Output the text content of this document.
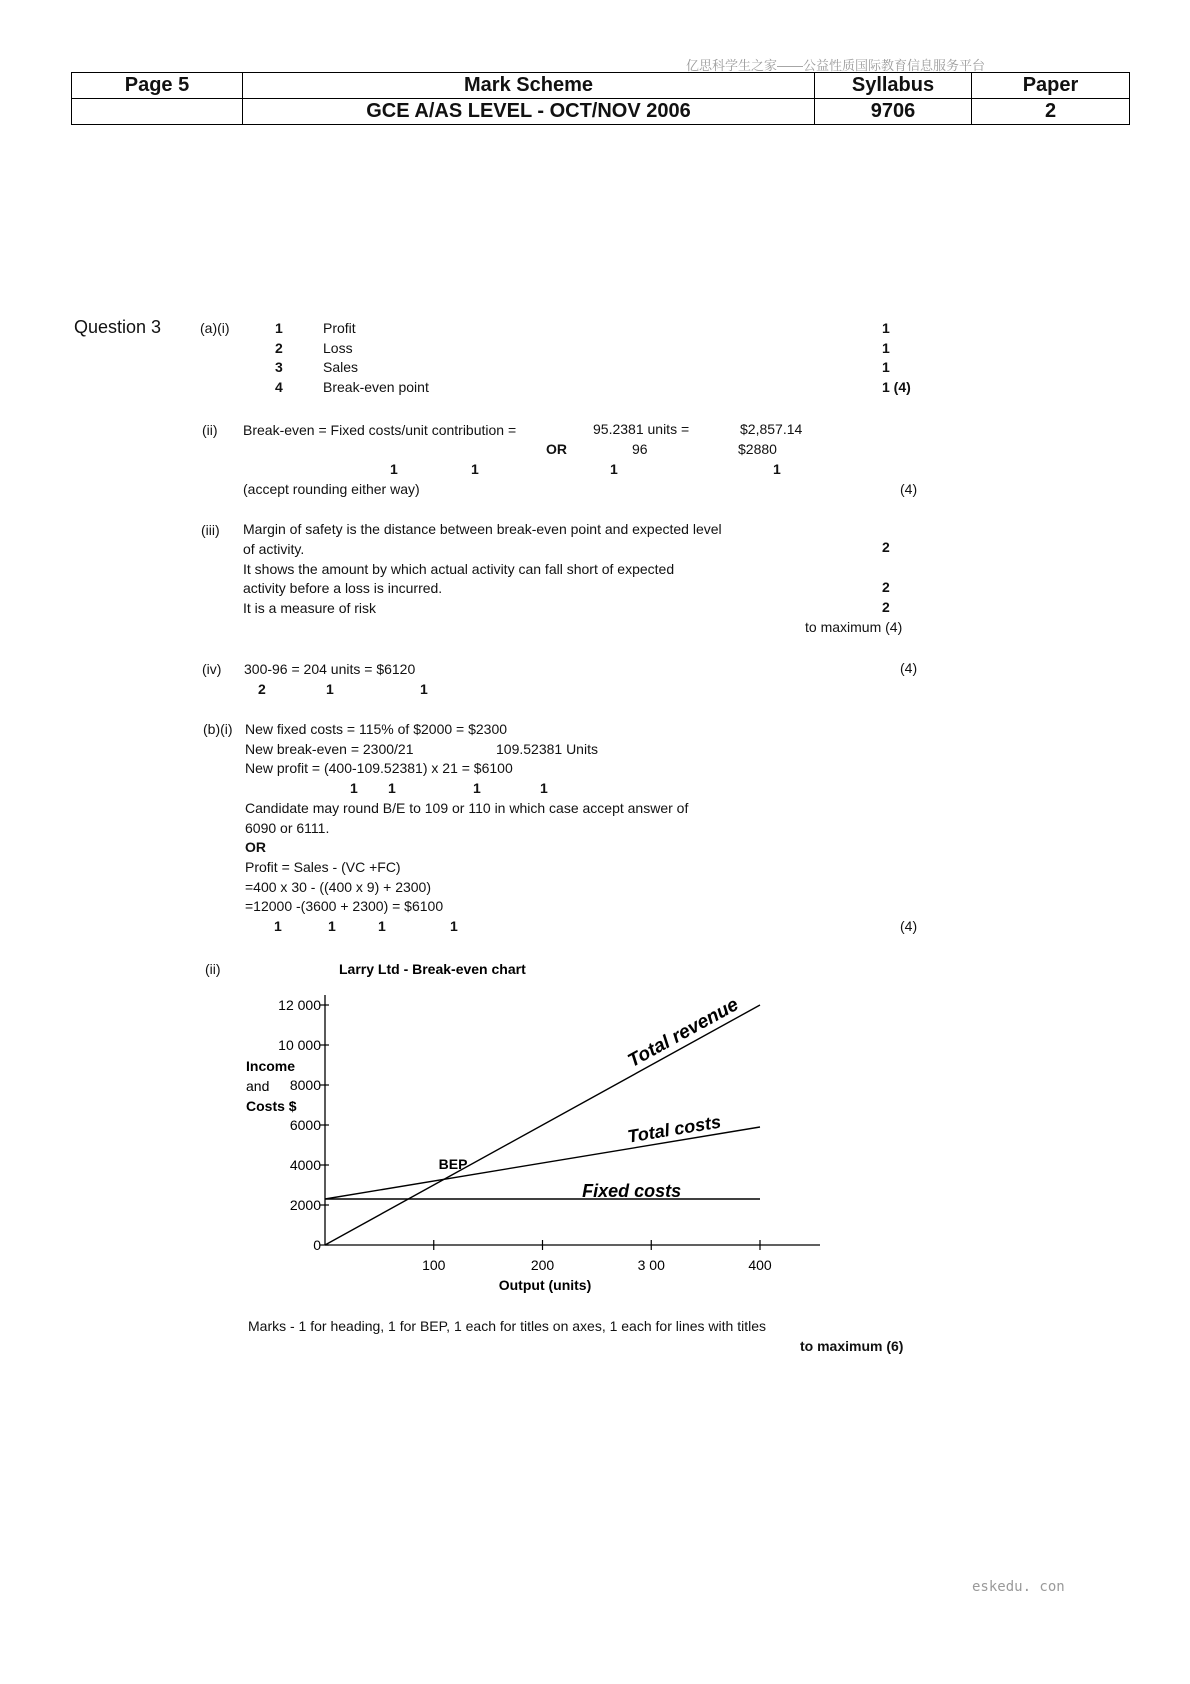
亿思科学生之家——公益性质国际教育信息服务平台
eskedu. con
Page 5	Mark Scheme	Syllabus	Paper
	GCE A/AS LEVEL - OCT/NOV 2006	9706	2
Question 3	(a)(i)	1	Profit	1
2	Loss	1
3	Sales	1
4	Break-even point	1 (4)
(ii) Break-even = Fixed costs/unit contribution =	95.2381 units =	$2,857.14
OR	96	$2880
1	1	1	1
(accept rounding either way)	(4)
(iii) Margin of safety is the distance between break-even point and expected level
of activity.	2
It shows the amount by which actual activity can fall short of expected
activity before a loss is incurred.	2
It is a measure of risk	2
to maximum (4)
(iv) 300-96 = 204 units = $6120
2	1	1
(4)
(b)(i) New fixed costs = 115% of $2000 = $2300
New break-even = 2300/21	109.52381 Units
New profit = (400-109.52381) x 21 = $6100
1 1	1	1
Candidate may round B/E to 109 or 110 in which case accept answer of
6090 or 6111.
OR
Profit = Sales - (VC +FC)
=400 x 30 - ((400 x 9) + 2300)
=12000 -(3600 + 2300) = $6100
1	1	1	1	(4)
(ii)
100	200	3 00	400
0
2000
4000
6000
8000
10 000
12 000	Total revenue
Total costs
Fixed costs
BEP
Larry Ltd - Break-even chart
Output (units)
Income
and
Costs $
Marks - 1 for heading, 1 for BEP, 1 each for titles on axes, 1 each for lines with titles
to maximum (6)
